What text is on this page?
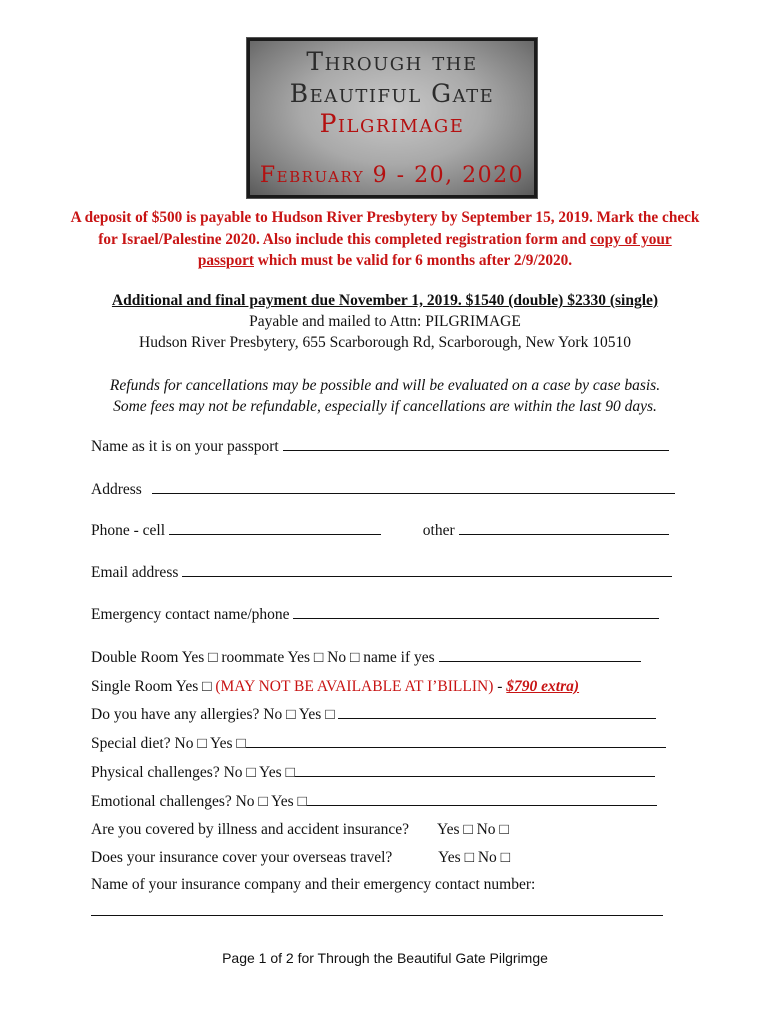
Through the
Beautiful Gate
Pilgrimage
February 9 - 20, 2020
A deposit of $500 is payable to Hudson River Presbytery by September 15, 2019. Mark the check for Israel/Palestine 2020. Also include this completed registration form and copy of your passport which must be valid for 6 months after 2/9/2020.
Additional and final payment due November 1, 2019. $1540 (double) $2330 (single)
Payable and mailed to Attn: PILGRIMAGE
Hudson River Presbytery, 655 Scarborough Rd, Scarborough, New York 10510
Refunds for cancellations may be possible and will be evaluated on a case by case basis.
Some fees may not be refundable, especially if cancellations are within the last 90 days.
Name as it is on your passport
Address
Phone - cell	other
Email address
Emergency contact name/phone
Double Room Yes □ roommate Yes □ No □ name if yes
Single Room Yes □ (MAY NOT BE AVAILABLE AT I’BILLIN) - $790 extra)
Do you have any allergies? No □ Yes □
Special diet? No □ Yes □
Physical challenges? No □ Yes □
Emotional challenges? No □ Yes □
Are you covered by illness and accident insurance? Yes □ No □
Does your insurance cover your overseas travel?	Yes □ No □
Name of your insurance company and their emergency contact number:
Page 1 of 2 for Through the Beautiful Gate Pilgrimge
